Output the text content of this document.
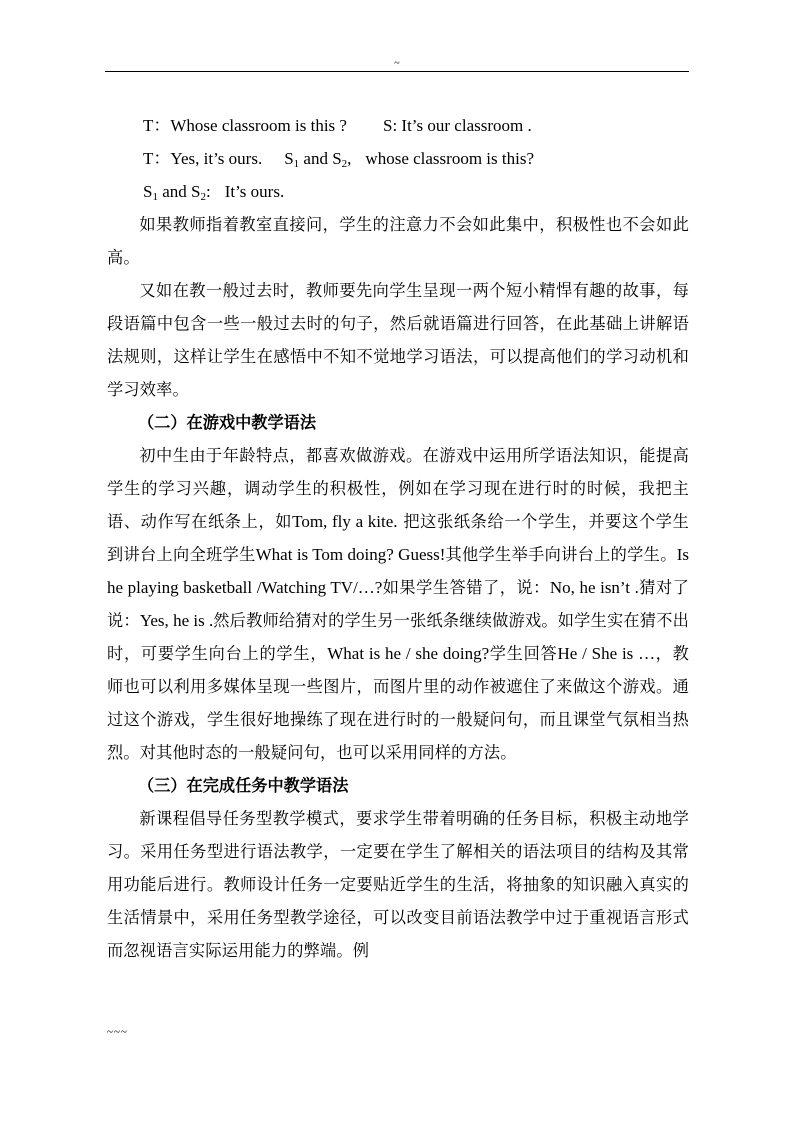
~
T：Whose classroom is this ? S: It’s our classroom .
T：Yes, it’s ours. $S_1$ and $S_2$, whose classroom is this?
$S_1$ and $S_2$: It’s ours.

如果教师指着教室直接问，学生的注意力不会如此集中，积极性也不会如此高。

又如在教一般过去时，教师要先向学生呈现一两个短小精悍有趣的故事，每段语篇中包含一些一般过去时的句子，然后就语篇进行回答，在此基础上讲解语法规则，这样让学生在感悟中不知不觉地学习语法，可以提高他们的学习动机和学习效率。

（二）在游戏中教学语法

初中生由于年龄特点，都喜欢做游戏。在游戏中运用所学语法知识，能提高学生的学习兴趣，调动学生的积极性，例如在学习现在进行时的时候，我把主语、动作写在纸条上，如Tom, fly a kite. 把这张纸条给一个学生，并要这个学生到讲台上向全班学生What is Tom doing? Guess!其他学生举手向讲台上的学生。Is he playing basketball /Watching TV/…?如果学生答错了，说：No, he isn’t .猜对了说：Yes, he is .然后教师给猜对的学生另一张纸条继续做游戏。如学生实在猜不出时，可要学生向台上的学生，What is he / she doing?学生回答He / She is …，教师也可以利用多媒体呈现一些图片，而图片里的动作被遮住了来做这个游戏。通过这个游戏，学生很好地操练了现在进行时的一般疑问句，而且课堂气氛相当热烈。对其他时态的一般疑问句，也可以采用同样的方法。

（三）在完成任务中教学语法

新课程倡导任务型教学模式，要求学生带着明确的任务目标，积极主动地学习。采用任务型进行语法教学，一定要在学生了解相关的语法项目的结构及其常用功能后进行。教师设计任务一定要贴近学生的生活，将抽象的知识融入真实的生活情景中，采用任务型教学途径，可以改变目前语法教学中过于重视语言形式而忽视语言实际运用能力的弊端。例

~~~
